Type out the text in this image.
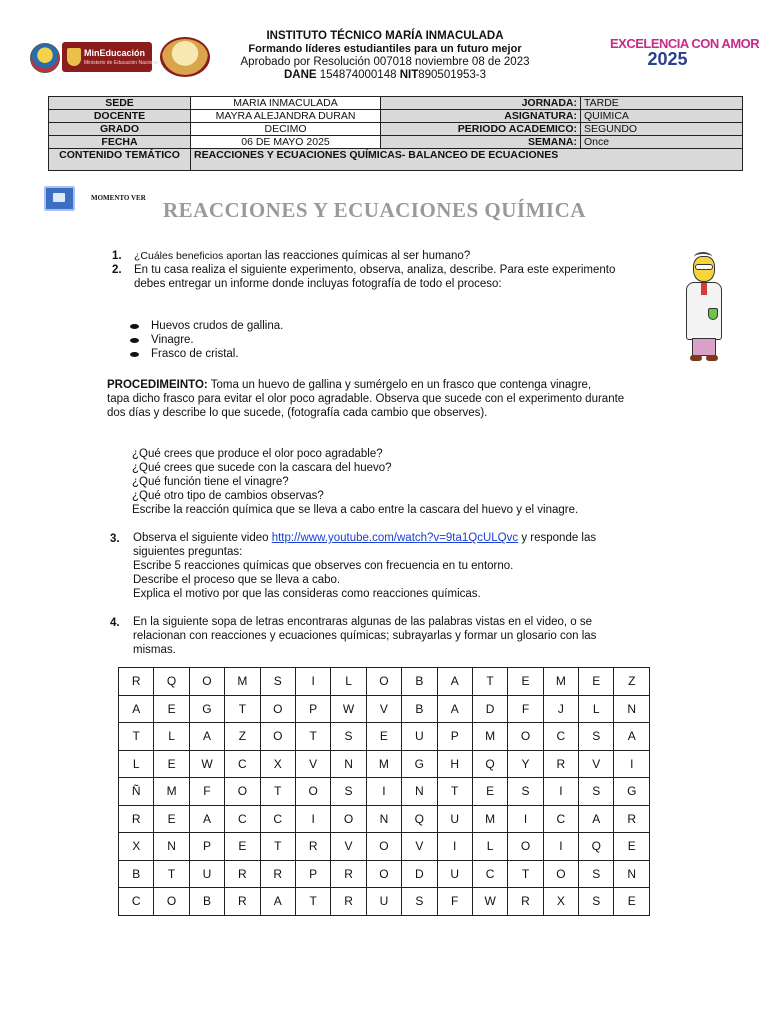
MinEducación
Ministerio de Educación Nacional
INSTITUTO TÉCNICO MARÍA INMACULADA
Formando líderes estudiantiles para un futuro mejor
Aprobado por Resolución 007018 noviembre 08 de 2023
DANE 154874000148 NIT890501953-3
EXCELENCIA CON AMOR
2025
SEDE	MARIA INMACULADA	JORNADA:	TARDE
DOCENTE	MAYRA ALEJANDRA DURAN	ASIGNATURA:	QUIMICA
GRADO	DECIMO	PERIODO ACADEMICO:	SEGUNDO
FECHA	06 DE MAYO 2025	SEMANA:	Once
CONTENIDO TEMÁTICO	REACCIONES Y ECUACIONES QUÍMICAS- BALANCEO DE ECUACIONES		
MOMENTO VER REACCIONES Y ECUACIONES QUÍMICA
1. ¿Cuáles beneficios aportan las reacciones químicas al ser humano?
2. En tu casa realiza el siguiente experimento, observa, analiza, describe. Para este experimento
debes entregar un informe donde incluyas fotografía de todo el proceso:
Huevos crudos de gallina.
Vinagre.
Frasco de cristal.
PROCEDIMEINTO: Toma un huevo de gallina y sumérgelo en un frasco que contenga vinagre,
tapa dicho frasco para evitar el olor poco agradable. Observa que sucede con el experimento durante
dos días y describe lo que sucede, (fotografía cada cambio que observes).
¿Qué crees que produce el olor poco agradable?
¿Qué crees que sucede con la cascara del huevo?
¿Qué función tiene el vinagre?
¿Qué otro tipo de cambios observas?
Escribe la reacción química que se lleva a cabo entre la cascara del huevo y el vinagre.
3. Observa el siguiente video http://www.youtube.com/watch?v=9ta1QcULQvc y responde las
siguientes preguntas:
Escribe 5 reacciones químicas que observes con frecuencia en tu entorno.
Describe el proceso que se lleva a cabo.
Explica el motivo por que las consideras como reacciones químicas.
4. En la siguiente sopa de letras encontraras algunas de las palabras vistas en el video, o se
relacionan con reacciones y ecuaciones químicas; subrayarlas y formar un glosario con las
mismas.
R	Q	O	M	S	I	L	O	B	A	T	E	M	E	Z
A	E	G	T	O	P	W	V	B	A	D	F	J	L	N
T	L	A	Z	O	T	S	E	U	P	M	O	C	S	A
L	E	W	C	X	V	N	M	G	H	Q	Y	R	V	I
Ñ	M	F	O	T	O	S	I	N	T	E	S	I	S	G
R	E	A	C	C	I	O	N	Q	U	M	I	C	A	R
X	N	P	E	T	R	V	O	V	I	L	O	I	Q	E
B	T	U	R	R	P	R	O	D	U	C	T	O	S	N
C	O	B	R	A	T	R	U	S	F	W	R	X	S	E
